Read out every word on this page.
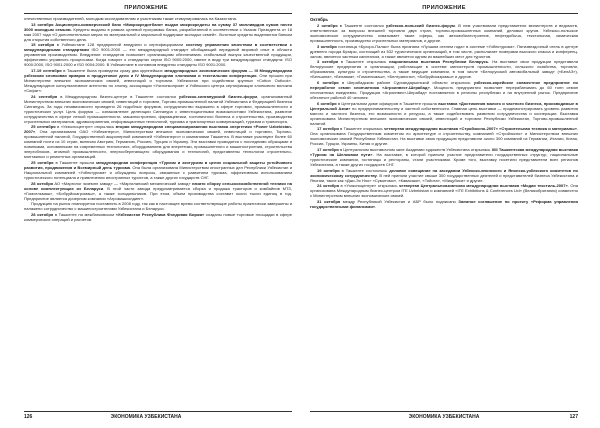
ПРИЛОЖЕНИЕ

отечественных производителей, молодым исследователям и участникам также стимулировалась на Казахстана.

13 октября Акционерно-коммерческий банк «Микрокредитбанк» выдал микрокредиты на сумму 37 миллиардов сумов почти 3000 молодым семьям. Кредиты выданы в рамках целевой программы банка, разработанной в соответствии с Указом Президента от 18 мая 2007 года «О дополнительных мерах по материальной и моральной поддержке молодых семей». Льготные кредиты выделяются банком для открытия собственного дела.

15 октября в Узбекистане 128 предприятий внедрили и сертифицировали систему управления качеством в соответствии с международными стандартами ISO 9001:2000 — это международный стандарт обобщающий передовой мировой опыт в области управления производством. Внедрение стандартов позволяет организациям обеспечивать стабильный выпуск качественной продукции, эффективно управлять процессами. Когда говорят о стандартах серии ISO 9000:2000, имеют в виду три международных стандарта: ISO 9000:2000, ISO 9001:2000 и ISO 9004:2000. В Узбекистане в основном внедрены стандарты ISO 9001:2000.

17-19 сентября в Ташкенте была проведена сразу два крупнейших международных экономических форума — III Международная узбекская хлопковая ярмарка и продуктовое дело и IV Международная хлопковая и текстильная конференция. Они прошли при Министерстве внешних экономических связей, инвестиций и торговли. Узбекистан при содействии крупных «Cotton Outlook». Международное консультативное агентство по хлопку, ассоциации «Узхлопкопром» и Узбекского центра сертификации хлопкового волокна «Сифат».

24 сентября в Международном бизнес-центре в Ташкенте состоялся узбекско-сингапурский бизнес-форум, организованный Министерством внешних экономических связей, инвестиций и торговли, Торгово-промышленной палатой Узбекистана и Федерацией бизнеса Сингапура. За годы независимости проведено 26 подобных форумов, сотрудничество выражено в сфере торговли, промышленности и туристических услуг. Цель форума — ознакомление делегации Сингапура с инвестиционными возможностями Узбекистана, развитие сотрудничества в сфере легкой промышленности, машиностроения, фармацевтики, гостиничного бизнеса и строительства, производства строительных материалов, здравоохранения, информационных технологий, туризма и транспортных коммуникаций, туризма и транспорта.

25 сентября в «Узэкспоцентре» открылась вторая международная специализированная выставка энергетики «Power Uzbekistan-2007». Она организована ОАО «Узбекэнерго», Министерством внешних экономических связей, инвестиций и торговли, Торгово-промышленной палатой, Государственной акционерной компанией «Узбекэнерго» и компаниями Ташкента. В выставке участвуют более 60 компаний почти из 10 стран, включая Австрию, Германию, Россию, Турцию и Украину. Эти выставки проводятся с последними образцами и новинками, основанными на современных технологиях, оборудованием для энергетики, промышленного и машиностроения, строительства энергоблоков, атомной промышленности, энергосберегающего оборудования и технологий, представлены технологии строительно-монтажных и ремонтных организаций.

25 октября в Ташкенте прошла международная конференция «Туризм и экотуризм в целях социальной защиты устойчивого развития, продвижения и Всемирный день туризма. Она была организована Министерством иностранных дел Республики Узбекистан и Национальной компанией «Узбектуризм» и обсуждены вопросы, связанные с развитием туризма, эффективным использованием туристического потенциала и привлечения иностранных туристов, а также других государств СНГ.

28 октября АО «Маргилог экземпл завод» — «Маргиланский механический завод» начато сборку сельскохозяйственной техники на основе комплектующих из Беларуси. В этой части завода предусматривается сборка и продажа тракторов и комбайнов МТЗ, «Гомсельмаш», «Бобруйскагромаш», а также холодильников. При этом, объем производства составит около тысяч единиц в год. Предприятие является дочерним компании «Агромашхолдинг».

Продукцию на рынок планируется поставлять в 2008 году, так как в настоящее время соответствующие работы практически завершены и налажено сотрудничество с машиностроителями Узбекистана и Беларуси.

28 октября в Ташкенте на межбанковском «Узбекистан Республика Фондовая Биржа» созданы новые торговые площадки в сфере коммерческих операций и расчетов.

126	ЭКОНОМИКА УЗБЕКИСТАНА
ПРИЛОЖЕНИЕ

Октябрь

2 октября в Ташкенте состоялся узбекско-польский бизнес-форум. В нем участвовали представители министерств и ведомств, ответственных за вопросы внешней торговли двух стран, торгово-промышленных компаний, деловых кругов. Узбекско-польское экономическое сотрудничество охватывает такие сферы, как автомобилестроение, нефтедобыча, текстильная, химическая промышленность, производство строительных материалов, и другие.

3 октября гостиница «Бухоро-Палас» была признана «Лучшим отелем года» в системе «Узбектуризм». Пятизвездочный отель в центре древнего города Бухары, состоящий из 532 туристических организаций, в том числе, располагает номерами высокого класса и конференц-залом, является частным капиталом, а также является одним из важнейших мест для туристов.

3 октября в Ташкенте открылась национальная выставка Республики Беларусь. На выставке свои продукции представили белорусские предприятия и организации, работающие в системе министерств промышленности, сельского хозяйства, торговли, образования, культуры и строительства, а также ведущие компании, в том числе «Белорусский автомобильный завод» («БелАЗ»), «Белшина», «Белавиа», «Гомсельмаш», «Белтрансгаз», «Бобруйсказрмаш» и другие.

6 октября в Шерабадском районе Сурхандарьинской области открылось узбекско-корейское совместное предприятие по переработке семян хлопчатника «Агроинвест-Шерабад». Мощность предприятия позволяет перерабатывать до 60 тонн семян хлопчатника ежедневно. Продукция «Агроинвест-Шерабад» поставляется в регионы республики и на внутренний рынок. Предприятие обеспечит работой 40 человек.

6 октября в Центральном доме офицеров в Ташкенте прошла выставка «Достижения малого и частного бизнеса, производимые в Центральной Азии» по предпринимательству и частной собственности. Главная цель выставки — продемонстрировать уровень развития малого и частного бизнеса, его возможности и ресурсы, а также содействовать развитию сотрудничества и кооперации. Выставка организована Министерством внешних экономических связей, инвестиций и торговли Республики Узбекистан, Торгово-промышленной палатой.

17 октября в Ташкенте открылась четвертая международная выставка «Стройэкспо-2007» «Строительная техника и материалы». Она организована Государственным комитетом по архитектуре и строительству, компанией «Стройэкспо» и Министерством внешних экономических связей Республики Узбекистан. На выставке свою продукцию представили около 300 компаний из Германии, Италии, Китая, России, Турции, Украины, Китая и другие.

17 октября в Центральном выставочном зале Академии художеств Узбекистана открылась XIII Ташкентская международная выставка «Туризм на Шелковом пути». На выставке, в которой приняли участие представители государственных структур, национальные туристические компании, гостиницы и рестораны, стали участниками. Кроме того, выставку посетили представители всех регионов Узбекистана, а также других государств СНГ.

19 октября в Ташкенте состоялось деловое совещание на заседании Узбекско-японского и Японско-узбекского комитетов по экономическому сотрудничеству. В ней приняли участие свыше 300 государственных деятелей и представителей бизнеса Узбекистана и Японии, таких как «Джи-Эс Нэо» «Сумитомо», «Кавасаки», «Тойота», «Мицубиси» и другие.

24 октября в «Узэкспоцентре» открылась четвертая Центральноазиатская международная выставка «Модая текстиль-2007». Она организована Международным бизнес-центром ITE Uzbekistan и компанией «ITE Exhibitions & Conferences Ltd» (Великобритания) совместно с Министерством внешних экономических связей.

31 октября между Республикой Узбекистан и АБР было подписано Заемное соглашение по проекту «Реформа управления государственными финансами».

ЭКОНОМИКА УЗБЕКИСТАНА	127
